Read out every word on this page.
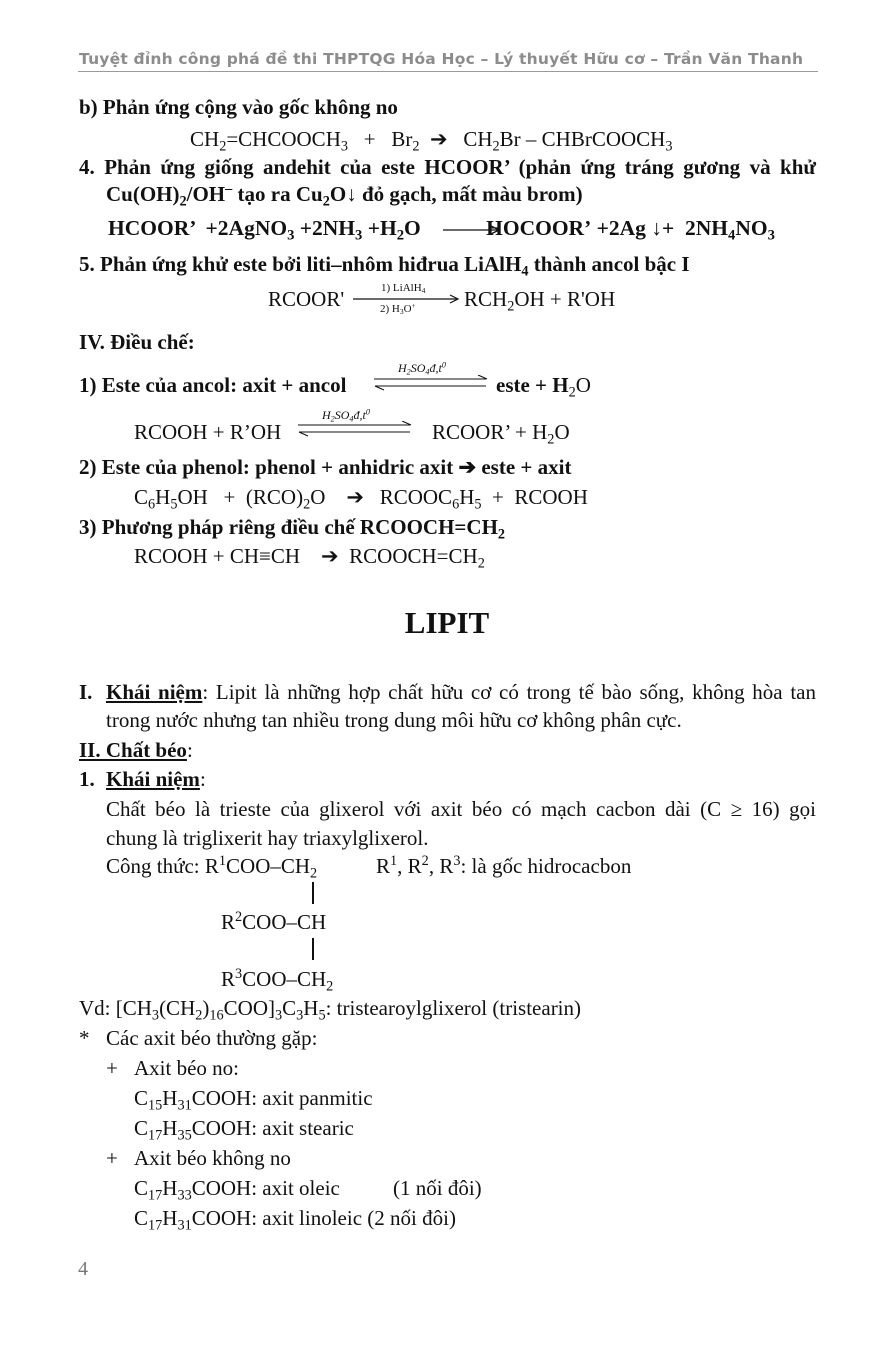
Tuyệt đỉnh công phá đề thi THPTQG Hóa Học – Lý thuyết Hữu cơ – Trần Văn Thanh
b) Phản ứng cộng vào gốc không no
$CH_2=CHCOOCH_3 + Br_2$  ➔   $CH_2Br$ – CHBrCOOCH$_3$
4. Phản ứng giống andehit của este HCOOR’ (phản ứng tráng gương và khử
$Cu(OH)_2/OH^-$ tạo ra $Cu_2O↓$ đỏ gạch, mất màu brom)
HCOOR’  +2AgNO$_3$ $+2NH_3 +H_2O$	HOCOOR’ +2Ag ↓+  $2NH_4NO_3$
5. Phản ứng khử este bởi liti–nhôm hiđrua LiAlH$_4$ thành ancol bậc I
RCOOR'	1) LiAlH$_4$
2) $H_3O^+$ $RCH_2OH + R'OH$
IV. Điều chế:
1) Este của ancol: axit + ancol
$H_2SO_4đ,t^0$
este + $H_2O$
RCOOH + R’OH
$H_2SO_4đ,t^0$
RCOOR’ + $H_2O$
2) Este của phenol: phenol + anhidric axit ➔ este + axit
$C_6H_5OH + (RCO)_2O$    ➔   $RCOOC_6H_5$  +  RCOOH
3) Phương pháp riêng điều chế $RCOOCH=CH_2$
RCOOH + CH≡CH    ➔  $RCOOCH=CH_2$
LIPIT
I. Khái niệm: Lipit là những hợp chất hữu cơ có trong tế bào sống, không hòa tan
trong nước nhưng tan nhiều trong dung môi hữu cơ không phân cực.
II. Chất béo:
1. Khái niệm:
Chất béo là trieste của glixerol với axit béo có mạch cacbon dài (C ≥ 16) gọi
chung là triglixerit hay triaxylglixerol.
Công thức: $R^1COO-CH_2$	$R^1$, $R^2$, $R^3$: là gốc hidrocacbon
$R^2COO-CH$
$R^3COO-CH_2$
Vd: $[CH_3(CH_2)_{16}COO]_3C_3H_5$: tristearoylglixerol (tristearin)
* Các axit béo thường gặp:
+ Axit béo no:
$C_{15}H_{31}COOH$: axit panmitic
$C_{17}H_{35}COOH$: axit stearic
+ Axit béo không no
$C_{17}H_{33}COOH$: axit oleic	(1 nối đôi)
$C_{17}H_{31}COOH$: axit linoleic (2 nối đôi)
4
